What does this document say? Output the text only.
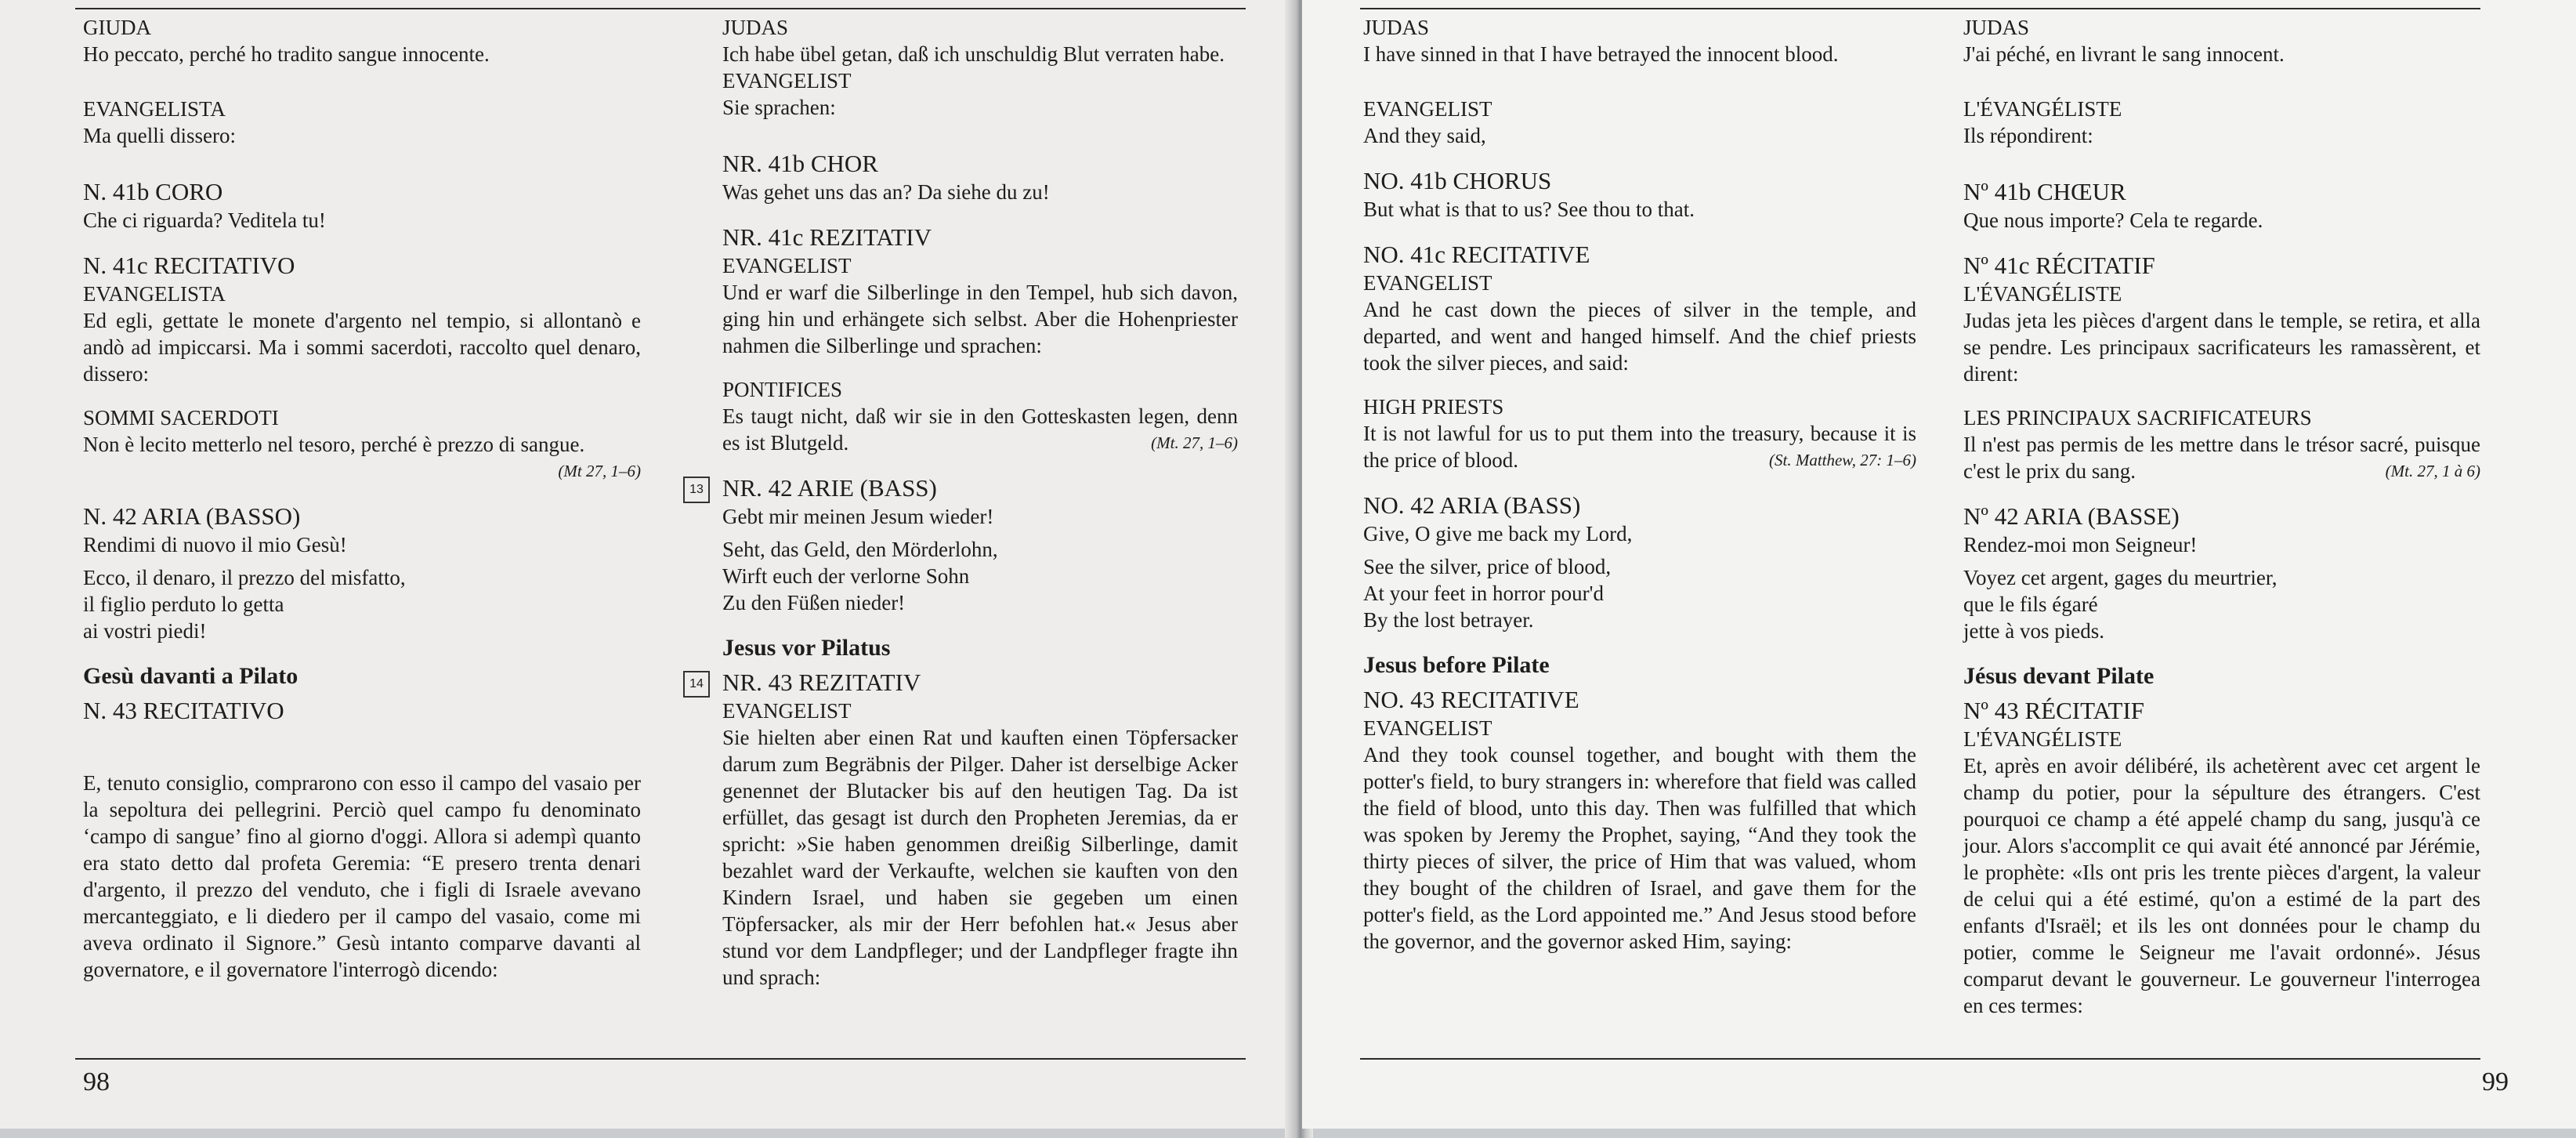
GIUDA

Ho peccato, perché ho tradito sangue innocente.

EVANGELISTA

Ma quelli dissero:

N. 41b CORO

Che ci riguarda? Veditela tu!

N. 41c RECITATIVO

EVANGELISTA

Ed egli, gettate le monete d'argento nel tempio, si allontanò e andò ad impiccarsi. Ma i sommi sacerdoti, raccolto quel denaro, dissero:

SOMMI SACERDOTI

Non è lecito metterlo nel tesoro, perché è prezzo di sangue.
(Mt 27, 1–6)

N. 42 ARIA (BASSO)

Rendimi di nuovo il mio Gesù!

Ecco, il denaro, il prezzo del misfatto,

il figlio perduto lo getta

ai vostri piedi!

Gesù davanti a Pilato

N. 43 RECITATIVO

E, tenuto consiglio, comprarono con esso il campo del vasaio per la sepoltura dei pellegrini. Perciò quel campo fu denominato ‘campo di sangue’ fino al giorno d'oggi. Allora si adempì quanto era stato detto dal profeta Geremia: “E presero trenta denari d'argento, il prezzo del venduto, che i figli di Israele avevano mercanteggiato, e li diedero per il campo del vasaio, come mi aveva ordinato il Signore.” Gesù intanto comparve davanti al governatore, e il governatore l'interrogò dicendo:

JUDAS

Ich habe übel getan, daß ich unschuldig Blut verraten habe.

EVANGELIST

Sie sprachen:

NR. 41b CHOR

Was gehet uns das an? Da siehe du zu!

NR. 41c REZITATIV

EVANGELIST

Und er warf die Silberlinge in den Tempel, hub sich davon, ging hin und erhängete sich selbst. Aber die Hohenpriester nahmen die Silberlinge und sprachen:

PONTIFICES

Es taugt nicht, daß wir sie in den Gotteskasten legen, denn es ist Blutgeld.	(Mt. 27, 1–6)

13 NR. 42 ARIE (BASS)

Gebt mir meinen Jesum wieder!

Seht, das Geld, den Mörderlohn,

Wirft euch der verlorne Sohn

Zu den Füßen nieder!

Jesus vor Pilatus

14 NR. 43 REZITATIV

EVANGELIST

Sie hielten aber einen Rat und kauften einen Töpfersacker darum zum Begräbnis der Pilger. Daher ist derselbige Acker genennet der Blutacker bis auf den heutigen Tag. Da ist erfüllet, das gesagt ist durch den Propheten Jeremias, da er spricht: »Sie haben genommen dreißig Silberlinge, damit bezahlet ward der Verkaufte, welchen sie kauften von den Kindern Israel, und haben sie gegeben um einen Töpfersacker, als mir der Herr befohlen hat.« Jesus aber stund vor dem Landpfleger; und der Landpfleger fragte ihn und sprach:

98

JUDAS

I have sinned in that I have betrayed the innocent blood.

EVANGELIST

And they said,

NO. 41b CHORUS

But what is that to us? See thou to that.

NO. 41c RECITATIVE

EVANGELIST

And he cast down the pieces of silver in the temple, and departed, and went and hanged himself. And the chief priests took the silver pieces, and said:

HIGH PRIESTS

It is not lawful for us to put them into the treasury, because it is the price of blood.	(St. Matthew, 27: 1–6)

NO. 42 ARIA (BASS)

Give, O give me back my Lord,

See the silver, price of blood,

At your feet in horror pour'd

By the lost betrayer.

Jesus before Pilate

NO. 43 RECITATIVE

EVANGELIST

And they took counsel together, and bought with them the potter's field, to bury strangers in: wherefore that field was called the field of blood, unto this day. Then was fulfilled that which was spoken by Jeremy the Prophet, saying, “And they took the thirty pieces of silver, the price of Him that was valued, whom they bought of the children of Israel, and gave them for the potter's field, as the Lord appointed me.” And Jesus stood before the governor, and the governor asked Him, saying:

JUDAS

J'ai péché, en livrant le sang innocent.

L'ÉVANGÉLISTE

Ils répondirent:

Nº 41b CHŒUR

Que nous importe? Cela te regarde.

Nº 41c RÉCITATIF

L'ÉVANGÉLISTE

Judas jeta les pièces d'argent dans le temple, se retira, et alla se pendre. Les principaux sacrificateurs les ramassèrent, et dirent:

LES PRINCIPAUX SACRIFICATEURS

Il n'est pas permis de les mettre dans le trésor sacré, puisque c'est le prix du sang.	(Mt. 27, 1 à 6)

Nº 42 ARIA (BASSE)

Rendez-moi mon Seigneur!

Voyez cet argent, gages du meurtrier,

que le fils égaré

jette à vos pieds.

Jésus devant Pilate

Nº 43 RÉCITATIF

L'ÉVANGÉLISTE

Et, après en avoir délibéré, ils achetèrent avec cet argent le champ du potier, pour la sépulture des étrangers. C'est pourquoi ce champ a été appelé champ du sang, jusqu'à ce jour. Alors s'accomplit ce qui avait été annoncé par Jérémie, le prophète: «Ils ont pris les trente pièces d'argent, la valeur de celui qui a été estimé, qu'on a estimé de la part des enfants d'Israël; et ils les ont données pour le champ du potier, comme le Seigneur me l'avait ordonné». Jésus comparut devant le gouverneur. Le gouverneur l'interrogea en ces termes:

99
